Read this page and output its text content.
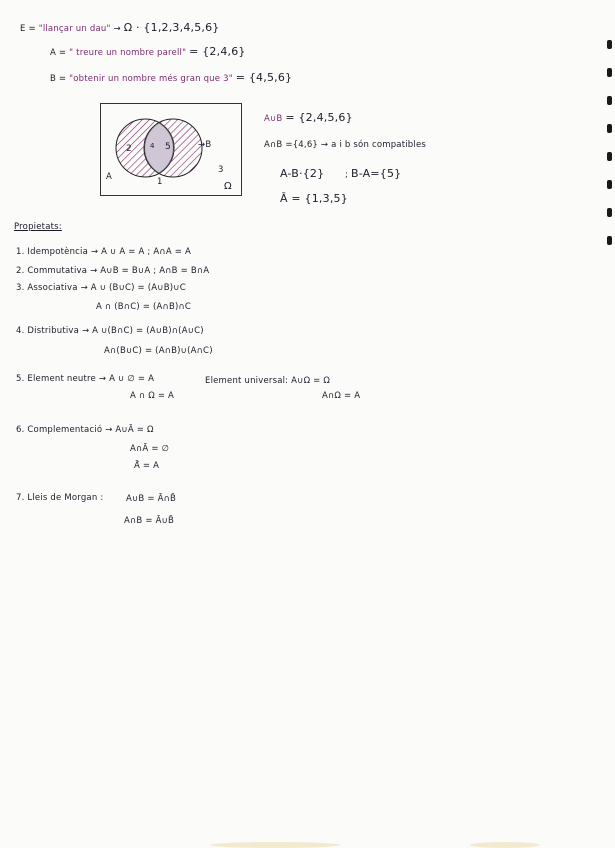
E = "llançar un dau" → Ω · {1,2,3,4,5,6}
A = " treure un nombre parell" = {2,4,6}
B = "obtenir un nombre més gran que 3" = {4,5,6}
2	4 5
1
3
A
→B
Ω
A∪B = {2,4,5,6}
A∩B ={4,6} → a i b són compatibles
A-B·{2} ; B-A={5}
Ā = {1,3,5}
Propietats:
1. Idempotència → A ∪ A = A ; A∩A = A
2. Commutativa → A∪B = B∪A ; A∩B = B∩A
3. Associativa → A ∪ (B∪C) = (A∪B)∪C
A ∩ (B∩C) = (A∩B)∩C
4. Distributiva → A ∪(B∩C) = (A∪B)∩(A∪C)
A∩(B∪C) = (A∩B)∪(A∩C)
5. Element neutre → A ∪ ∅ = A
A ∩ Ω = A
Element universal: A∪Ω = Ω
A∩Ω = A
6. Complementació → A∪Ā = Ω
A∩Ā = ∅
Ā̄ = A
7. Lleis de Morgan :	A∪B = Ā∩B̄
A∩B = Ā∪B̄
